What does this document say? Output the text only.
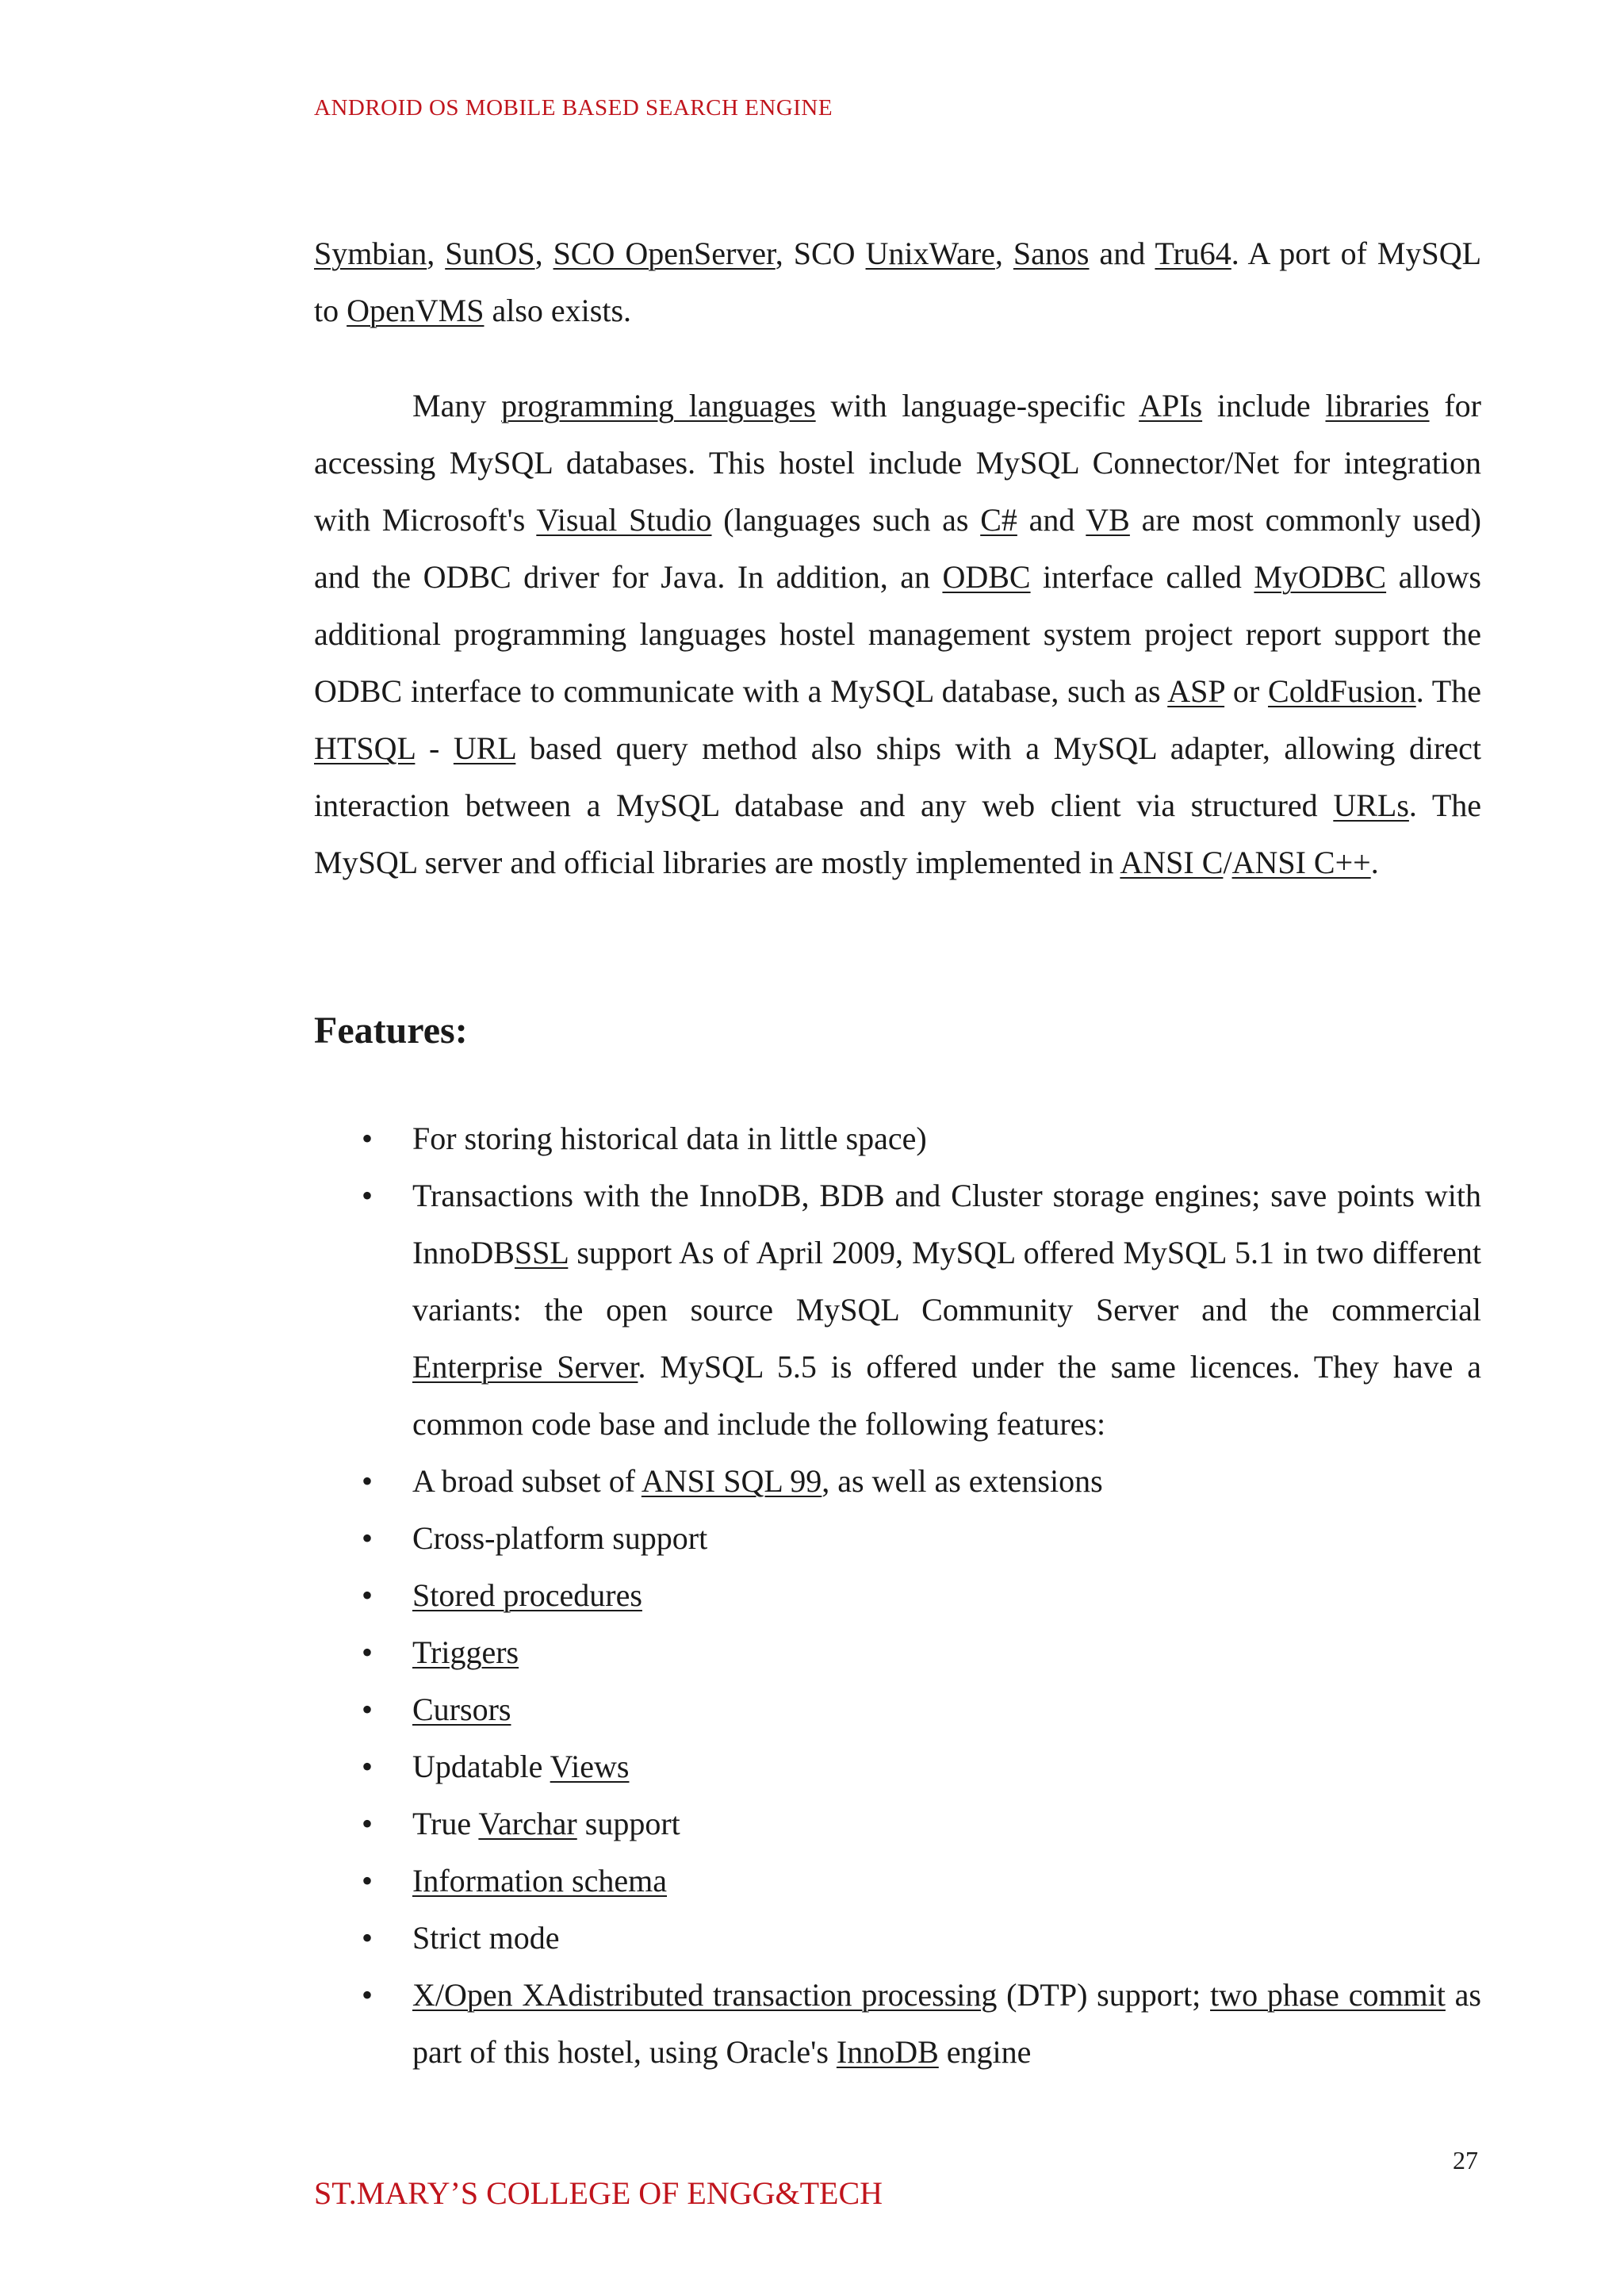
ANDROID OS MOBILE BASED SEARCH ENGINE

Symbian, SunOS, SCO OpenServer, SCO UnixWare, Sanos and Tru64. A port of MySQL to OpenVMS also exists.

Many programming languages with language-specific APIs include libraries for accessing MySQL databases. This hostel include MySQL Connector/Net for integration with Microsoft's Visual Studio (languages such as C# and VB are most commonly used) and the ODBC driver for Java. In addition, an ODBC interface called MyODBC allows additional programming languages hostel management system project report support the ODBC interface to communicate with a MySQL database, such as ASP or ColdFusion. The HTSQL - URL based query method also ships with a MySQL adapter, allowing direct interaction between a MySQL database and any web client via structured URLs. The MySQL server and official libraries are mostly implemented in ANSI C/ANSI C++.

Features:
• For storing historical data in little space)
• Transactions with the InnoDB, BDB and Cluster storage engines; save points with InnoDBSSL support As of April 2009, MySQL offered MySQL 5.1 in two different variants: the open source MySQL Community Server and the commercial Enterprise Server. MySQL 5.5 is offered under the same licences. They have a common code base and include the following features:
• A broad subset of ANSI SQL 99, as well as extensions
• Cross-platform support
• Stored procedures
• Triggers
• Cursors
• Updatable Views
• True Varchar support
• Information schema
• Strict mode
• X/Open XAdistributed transaction processing (DTP) support; two phase commit as part of this hostel, using Oracle's InnoDB engine
27
ST.MARY’S COLLEGE OF ENGG&TECH
